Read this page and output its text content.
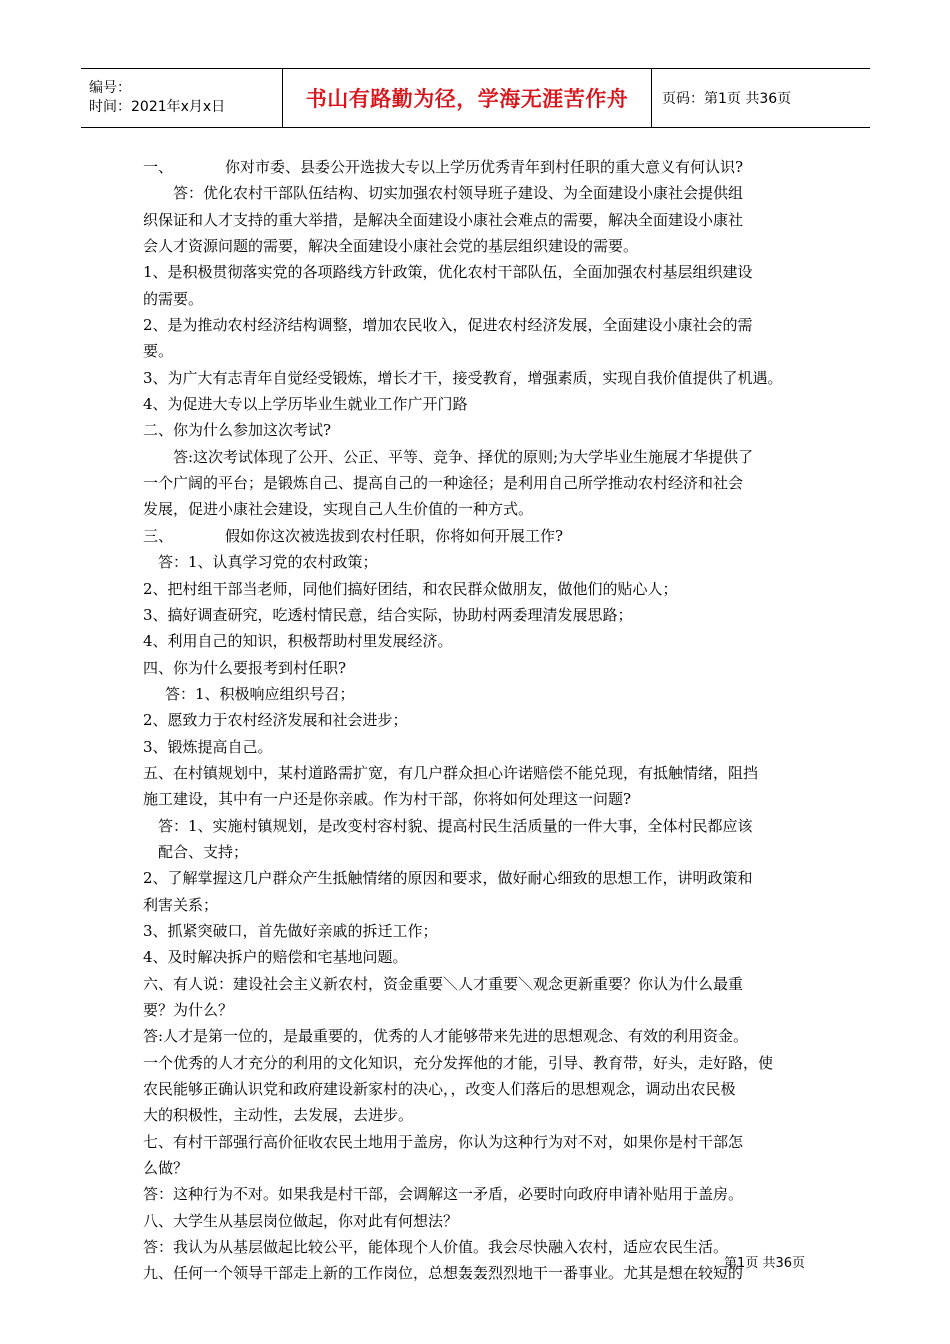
编号：
时间：2021年x月x日	书山有路勤为径，学海无涯苦作舟 页码：第1页 共36页
一、	你对市委、县委公开选拔大专以上学历优秀青年到村任职的重大意义有何认识?
答：优化农村干部队伍结构、切实加强农村领导班子建设、为全面建设小康社会提供组
织保证和人才支持的重大举措，是解决全面建设小康社会难点的需要，解决全面建设小康社
会人才资源问题的需要，解决全面建设小康社会党的基层组织建设的需要。
1、是积极贯彻落实党的各项路线方针政策，优化农村干部队伍，全面加强农村基层组织建设
的需要。
2、是为推动农村经济结构调整，增加农民收入，促进农村经济发展，全面建设小康社会的需
要。
3、为广大有志青年自觉经受锻炼，增长才干，接受教育，增强素质，实现自我价值提供了机遇。
4、为促进大专以上学历毕业生就业工作广开门路
二、你为什么参加这次考试?
答:这次考试体现了公开、公正、平等、竞争、择优的原则;为大学毕业生施展才华提供了
一个广阔的平台；是锻炼自己、提高自己的一种途径；是利用自己所学推动农村经济和社会
发展，促进小康社会建设，实现自己人生价值的一种方式。
三、	假如你这次被选拔到农村任职，你将如何开展工作?
答：1、认真学习党的农村政策；
2、把村组干部当老师，同他们搞好团结，和农民群众做朋友，做他们的贴心人；
3、搞好调查研究，吃透村情民意，结合实际，协助村两委理清发展思路；
4、利用自己的知识，积极帮助村里发展经济。
四、你为什么要报考到村任职?
答：1、积极响应组织号召；
2、愿致力于农村经济发展和社会进步；
3、锻炼提高自己。
五、在村镇规划中，某村道路需扩宽，有几户群众担心许诺赔偿不能兑现，有抵触情绪，阻挡
施工建设，其中有一户还是你亲戚。作为村干部，你将如何处理这一问题?
答：1、实施村镇规划，是改变村容村貌、提高村民生活质量的一件大事，全体村民都应该
配合、支持；
2、了解掌握这几户群众产生抵触情绪的原因和要求，做好耐心细致的思想工作，讲明政策和
利害关系；
3、抓紧突破口，首先做好亲戚的拆迁工作；
4、及时解决拆户的赔偿和宅基地问题。
六、有人说：建设社会主义新农村，资金重要＼人才重要＼观念更新重要？你认为什么最重
要？为什么？
答:人才是第一位的，是最重要的，优秀的人才能够带来先进的思想观念、有效的利用资金。
一个优秀的人才充分的利用的文化知识，充分发挥他的才能，引导、教育带，好头，走好路，使
农民能够正确认识党和政府建设新家村的决心，，改变人们落后的思想观念，调动出农民极
大的积极性，主动性，去发展，去进步。
七、有村干部强行高价征收农民土地用于盖房，你认为这种行为对不对，如果你是村干部怎
么做？
答：这种行为不对。如果我是村干部，会调解这一矛盾，必要时向政府申请补贴用于盖房。
八、大学生从基层岗位做起，你对此有何想法？
答：我认为从基层做起比较公平，能体现个人价值。我会尽快融入农村，适应农民生活。
九、任何一个领导干部走上新的工作岗位，总想轰轰烈烈地干一番事业。尤其是想在较短的
第1页 共36页
